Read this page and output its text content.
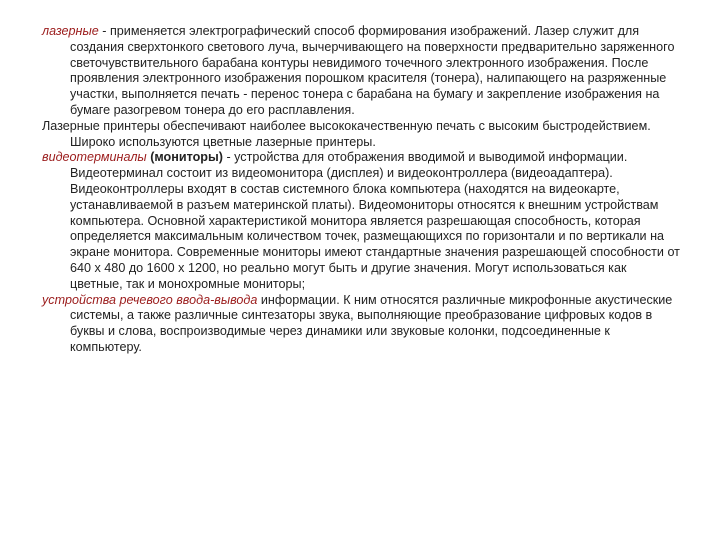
лазерные - применяется электрографический способ формирования изображений. Лазер служит для создания сверхтонкого светового луча, вычерчивающего на поверхности предварительно заряженного светочувствительного барабана контуры невидимого точечного электронного изображения. После проявления электронного изображения порошком красителя (тонера), налипающего на разряженные участки, выполняется печать - перенос тонера с барабана на бумагу и закрепление изображения на бумаге разогревом тонера до его расплавления.

Лазерные принтеры обеспечивают наиболее высококачественную печать с высоким быстродействием. Широко используются цветные лазерные принтеры.

видеотерминалы (мониторы) - устройства для отображения вводимой и выводимой информации. Видеотерминал состоит из видеомонитора (дисплея) и видеоконтроллера (видеоадаптера). Видеоконтроллеры входят в состав системного блока компьютера (находятся на видеокарте, устанавливаемой в разъем материнской платы). Видеомониторы относятся к внешним устройствам компьютера. Основной характеристикой монитора является разрешающая способность, которая определяется максимальным количеством точек, размещающихся по горизонтали и по вертикали на экране монитора. Современные мониторы имеют стандартные значения разрешающей способности от 640 х 480 до 1600 х 1200, но реально могут быть и другие значения. Могут использоваться как цветные, так и монохромные мониторы;

устройства речевого ввода-вывода информации. К ним относятся различные микрофонные акустические системы, а также различные синтезаторы звука, выполняющие преобразование цифровых кодов в буквы и слова, воспроизводимые через динамики или звуковые колонки, подсоединенные к компьютеру.
